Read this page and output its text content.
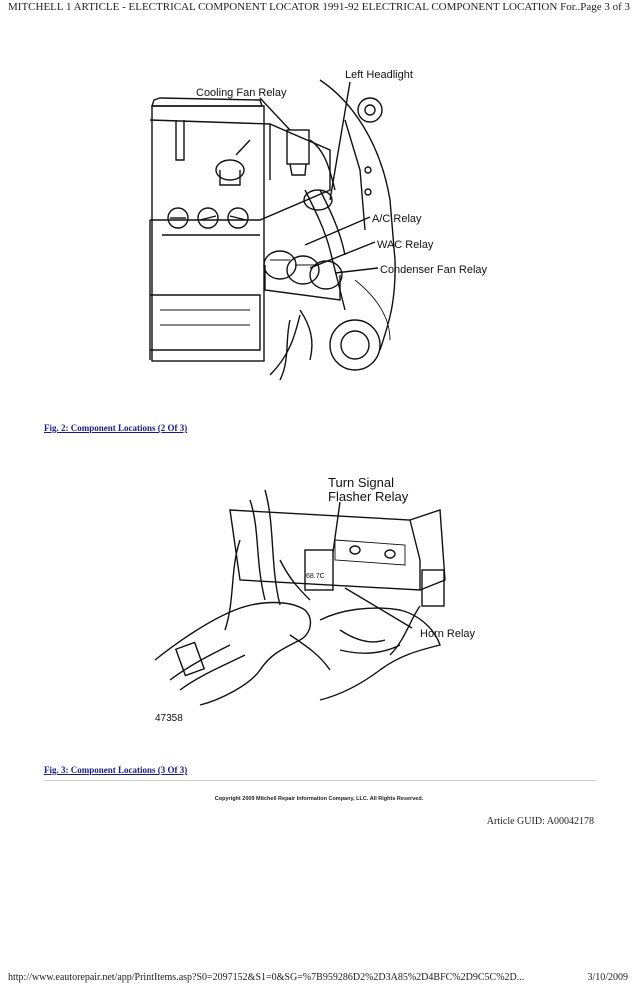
MITCHELL 1 ARTICLE - ELECTRICAL COMPONENT LOCATOR 1991-92 ELECTRICAL COMPONENT LOCATION For...
Page 3 of 3
Left Headlight
Cooling Fan Relay
A/C Relay
WAC Relay
Condenser Fan Relay
Fig. 2: Component Locations (2 Of 3)
68.7C
Turn Signal
Flasher Relay
Horn Relay
47358
Fig. 3: Component Locations (3 Of 3)
Copyright 2009 Mitchell Repair Information Company, LLC. All Rights Reserved.
Article GUID: A00042178
http://www.eautorepair.net/app/PrintItems.asp?S0=2097152&S1=0&SG=%7B959286D2%2D3A85%2D4BFC%2D9C5C%2D...	3/10/2009
